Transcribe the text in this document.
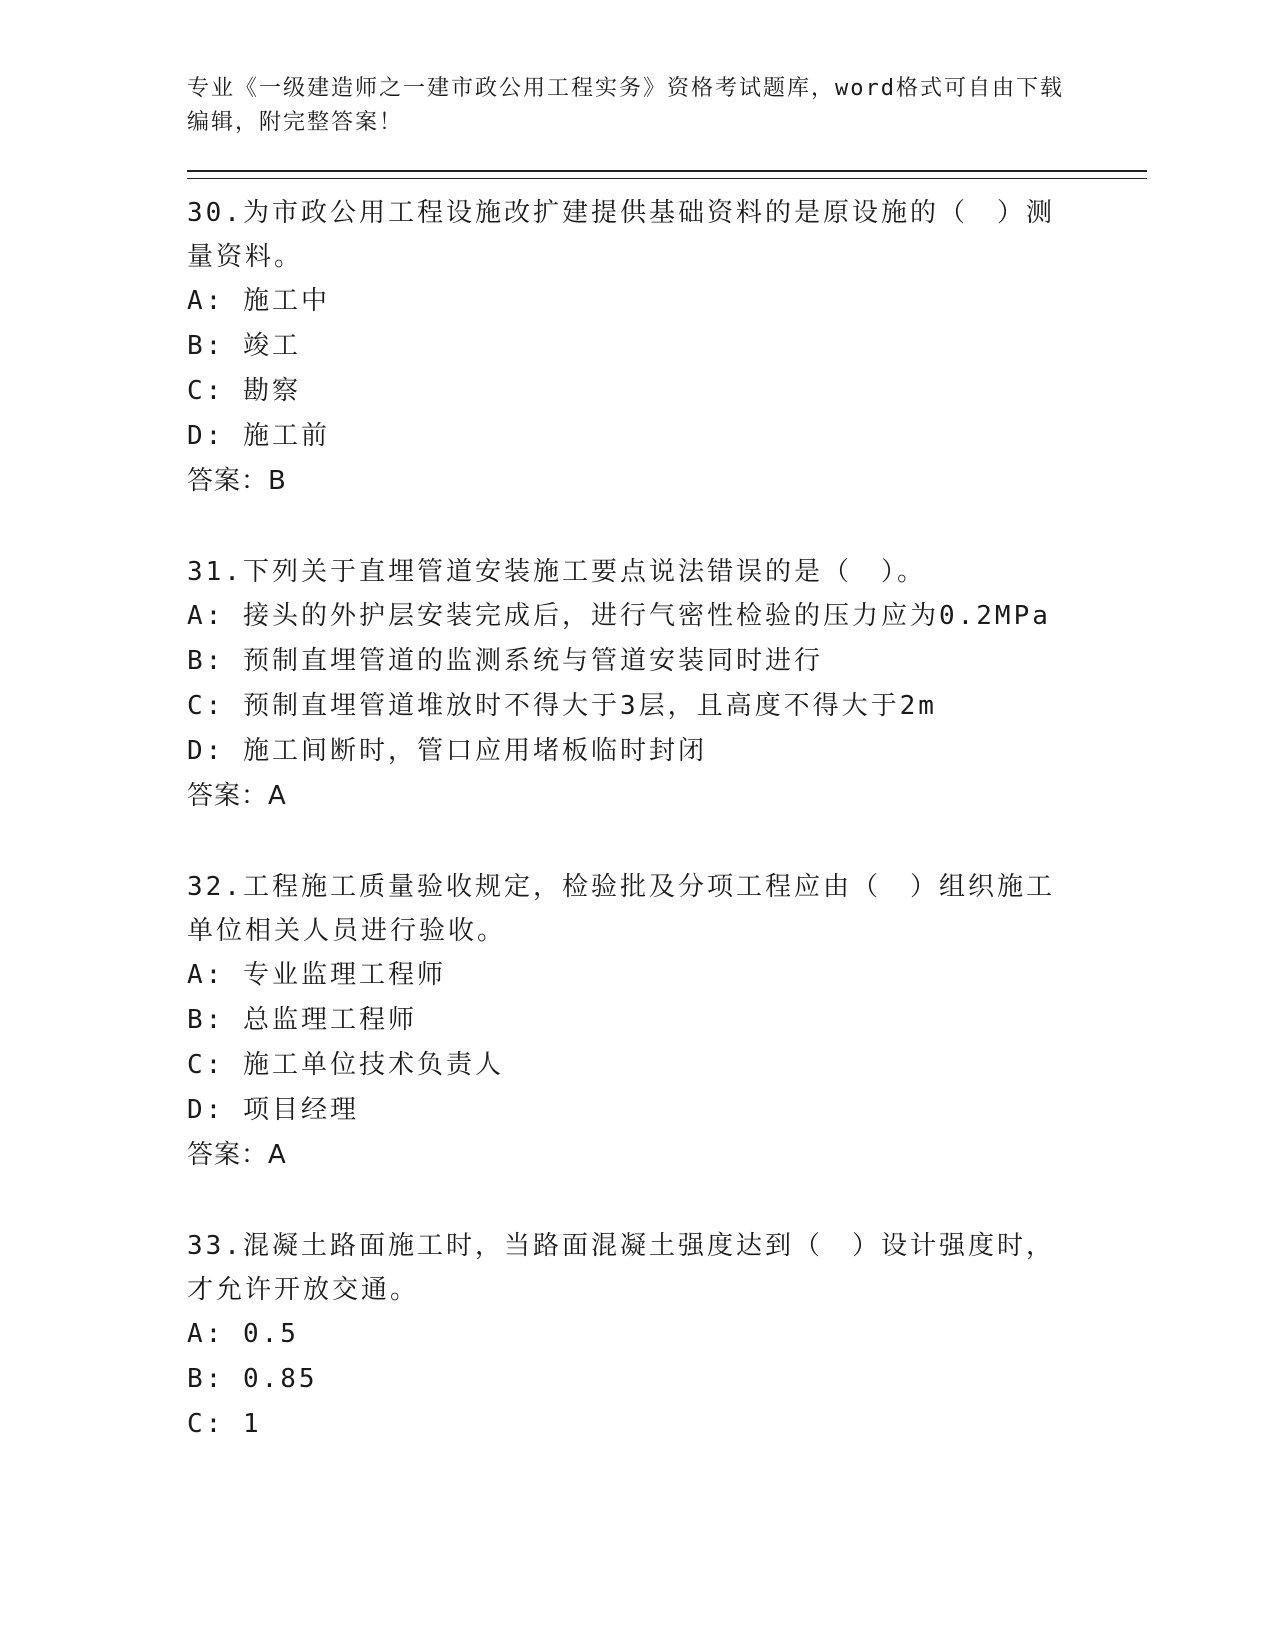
专业《一级建造师之一建市政公用工程实务》资格考试题库，word格式可自由下载编辑，附完整答案！

30.为市政公用工程设施改扩建提供基础资料的是原设施的（　）测量资料。

A: 施工中

B: 竣工

C: 勘察

D: 施工前

答案：B

31.下列关于直埋管道安装施工要点说法错误的是（　）。

A: 接头的外护层安装完成后，进行气密性检验的压力应为0.2MPa

B: 预制直埋管道的监测系统与管道安装同时进行

C: 预制直埋管道堆放时不得大于3层，且高度不得大于2m

D: 施工间断时，管口应用堵板临时封闭

答案：A

32.工程施工质量验收规定，检验批及分项工程应由（　）组织施工单位相关人员进行验收。

A: 专业监理工程师

B: 总监理工程师

C: 施工单位技术负责人

D: 项目经理

答案：A

33.混凝土路面施工时，当路面混凝土强度达到（　）设计强度时，才允许开放交通。

A: 0.5

B: 0.85

C: 1
